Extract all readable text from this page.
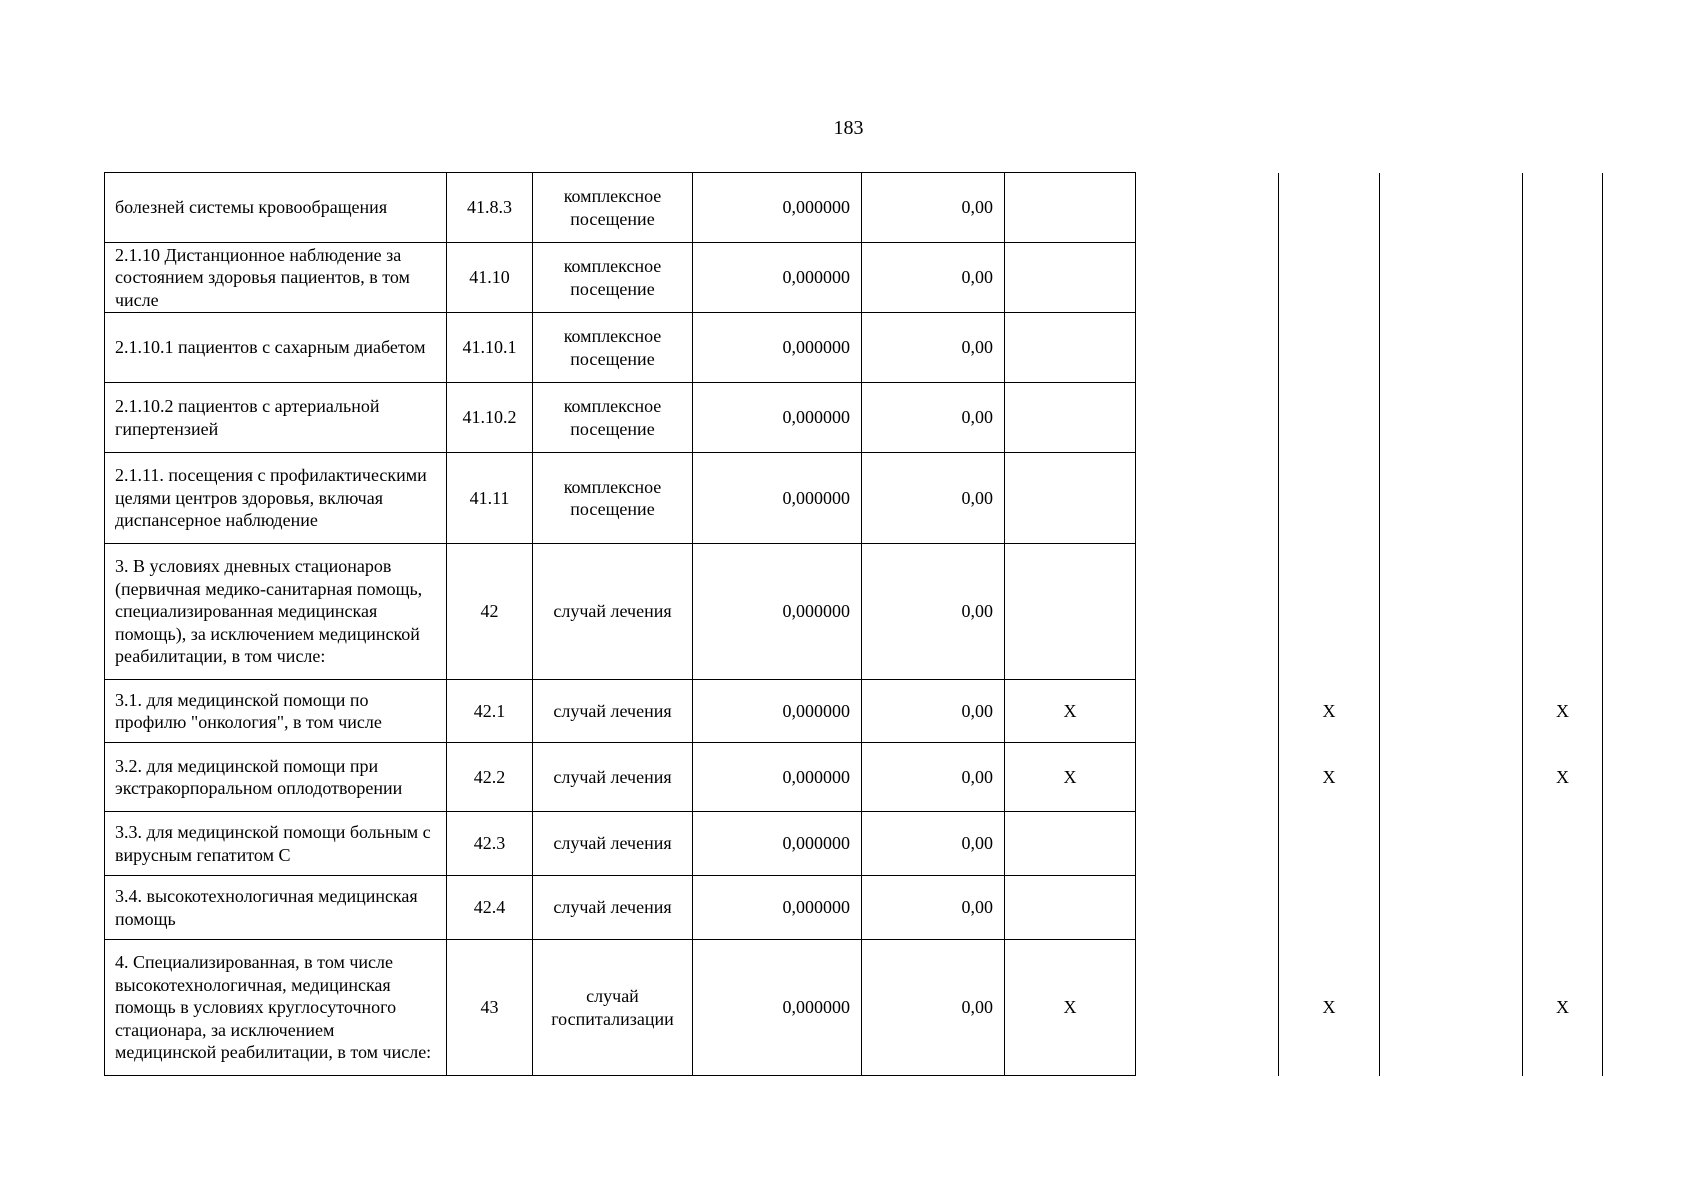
183
болезней системы кровообращения	41.8.3	комплексное посещение	0,000000	0,00					
2.1.10 Дистанционное наблюдение за состоянием здоровья пациентов, в том числе	41.10	комплексное посещение	0,000000	0,00					
2.1.10.1 пациентов с сахарным диабетом	41.10.1	комплексное посещение	0,000000	0,00					
2.1.10.2 пациентов с артериальной гипертензией	41.10.2	комплексное посещение	0,000000	0,00					
2.1.11. посещения с профилактическими целями центров здоровья, включая диспансерное наблюдение	41.11	комплексное посещение	0,000000	0,00					
3. В условиях дневных стационаров (первичная медико-санитарная помощь, специализированная медицинская помощь), за исключением медицинской реабилитации, в том числе:	42	случай лечения	0,000000	0,00					
3.1. для медицинской помощи по профилю "онкология", в том числе	42.1	случай лечения	0,000000	0,00	X		X		X
3.2. для медицинской помощи при экстракорпоральном оплодотворении	42.2	случай лечения	0,000000	0,00	X		X		X
3.3. для медицинской помощи больным с вирусным гепатитом С	42.3	случай лечения	0,000000	0,00					
3.4. высокотехнологичная медицинская помощь	42.4	случай лечения	0,000000	0,00					
4. Специализированная, в том числе высокотехнологичная, медицинская помощь в условиях круглосуточного стационара, за исключением медицинской реабилитации, в том числе:	43	случай госпитализации	0,000000	0,00	X		X		X
